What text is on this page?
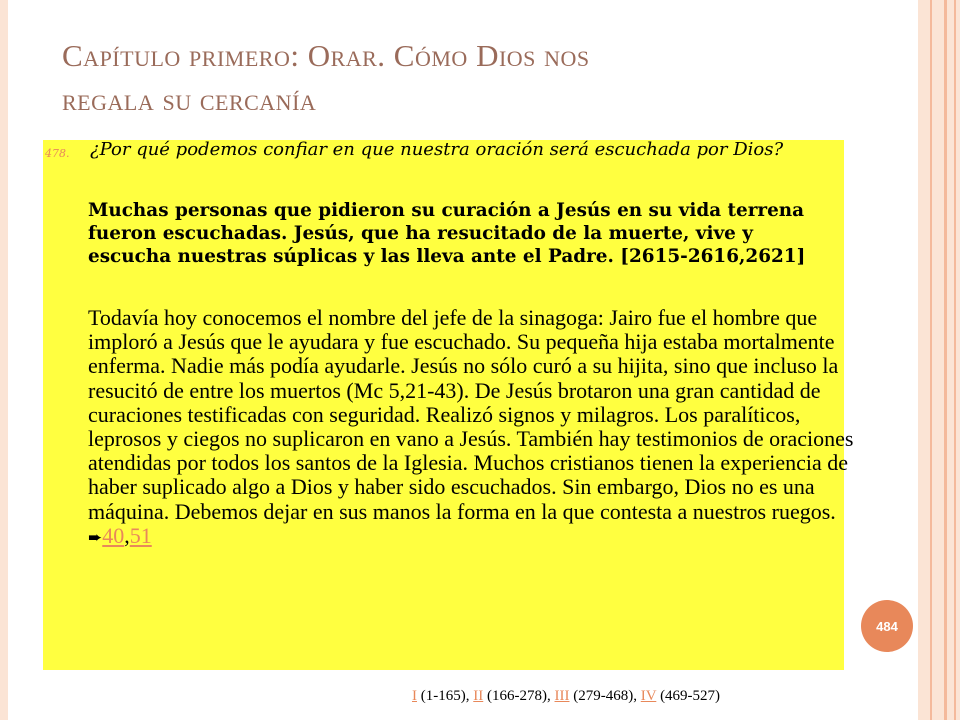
Capítulo primero: Orar. Cómo Dios nos
regala su cercanía
478. ¿Por qué podemos confiar en que nuestra oración será escuchada por Dios?
Muchas personas que pidieron su curación a Jesús en su vida terrena fueron escuchadas. Jesús, que ha resucitado de la muerte, vive y escucha nuestras súplicas y las lleva ante el Padre. [2615-2616,2621]
Todavía hoy conocemos el nombre del jefe de la sinagoga: Jairo fue el hombre que imploró a Jesús que le ayudara y fue escuchado. Su pequeña hija estaba mortalmente enferma. Nadie más podía ayudarle. Jesús no sólo curó a su hijita, sino que incluso la resucitó de entre los muertos (Mc 5,21-43). De Jesús brotaron una gran cantidad de curaciones testificadas con seguridad. Realizó signos y milagros. Los paralíticos, leprosos y ciegos no suplicaron en vano a Jesús. También hay testimonios de oraciones atendidas por todos los santos de la Iglesia. Muchos cristianos tienen la experiencia de haber suplicado algo a Dios y haber sido escuchados. Sin embargo, Dios no es una máquina. Debemos dejar en sus manos la forma en la que contesta a nuestros ruegos. ➨40,51
484
I (1-165), II (166-278), III (279-468), IV (469-527)
